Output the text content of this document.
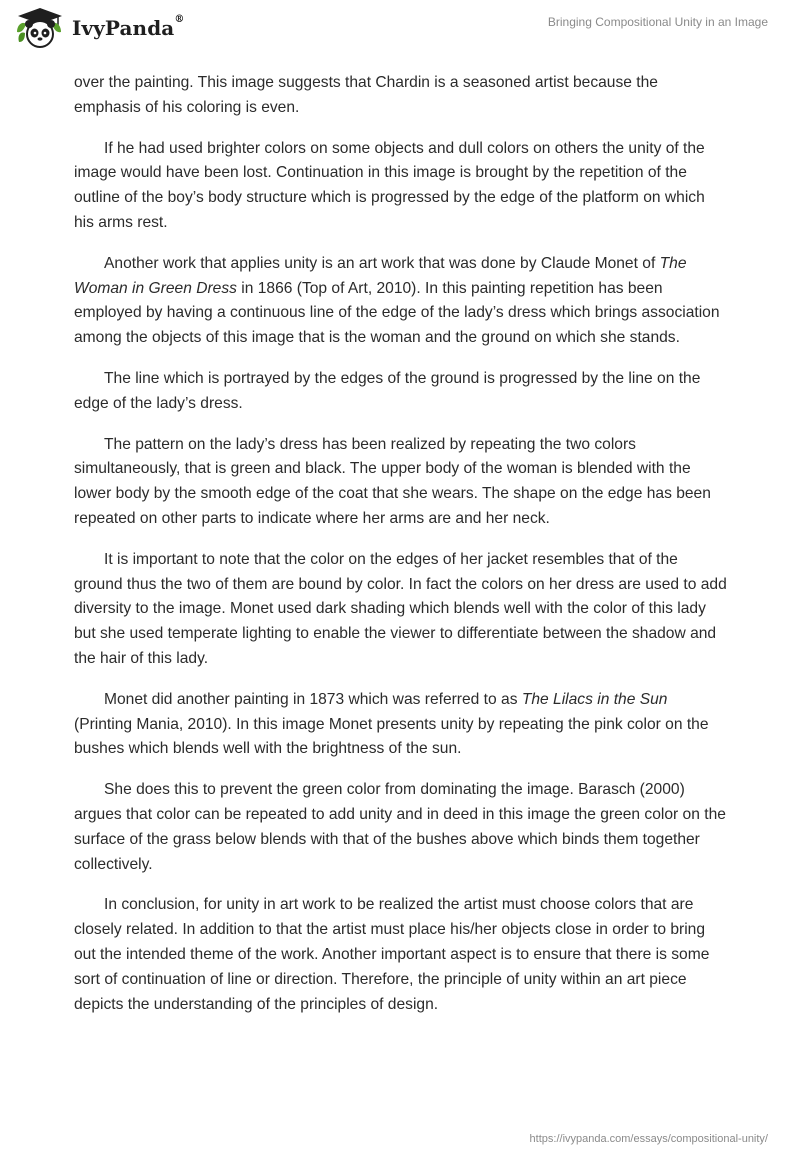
IvyPanda®	Bringing Compositional Unity in an Image

over the painting. This image suggests that Chardin is a seasoned artist because the emphasis of his coloring is even.

If he had used brighter colors on some objects and dull colors on others the unity of the image would have been lost. Continuation in this image is brought by the repetition of the outline of the boy’s body structure which is progressed by the edge of the platform on which his arms rest.

Another work that applies unity is an art work that was done by Claude Monet of The Woman in Green Dress in 1866 (Top of Art, 2010). In this painting repetition has been employed by having a continuous line of the edge of the lady’s dress which brings association among the objects of this image that is the woman and the ground on which she stands.

The line which is portrayed by the edges of the ground is progressed by the line on the edge of the lady’s dress.

The pattern on the lady’s dress has been realized by repeating the two colors simultaneously, that is green and black. The upper body of the woman is blended with the lower body by the smooth edge of the coat that she wears. The shape on the edge has been repeated on other parts to indicate where her arms are and her neck.

It is important to note that the color on the edges of her jacket resembles that of the ground thus the two of them are bound by color. In fact the colors on her dress are used to add diversity to the image. Monet used dark shading which blends well with the color of this lady but she used temperate lighting to enable the viewer to differentiate between the shadow and the hair of this lady.

Monet did another painting in 1873 which was referred to as The Lilacs in the Sun (Printing Mania, 2010). In this image Monet presents unity by repeating the pink color on the bushes which blends well with the brightness of the sun.

She does this to prevent the green color from dominating the image. Barasch (2000) argues that color can be repeated to add unity and in deed in this image the green color on the surface of the grass below blends with that of the bushes above which binds them together collectively.

In conclusion, for unity in art work to be realized the artist must choose colors that are closely related. In addition to that the artist must place his/her objects close in order to bring out the intended theme of the work. Another important aspect is to ensure that there is some sort of continuation of line or direction. Therefore, the principle of unity within an art piece depicts the understanding of the principles of design.

https://ivypanda.com/essays/compositional-unity/
